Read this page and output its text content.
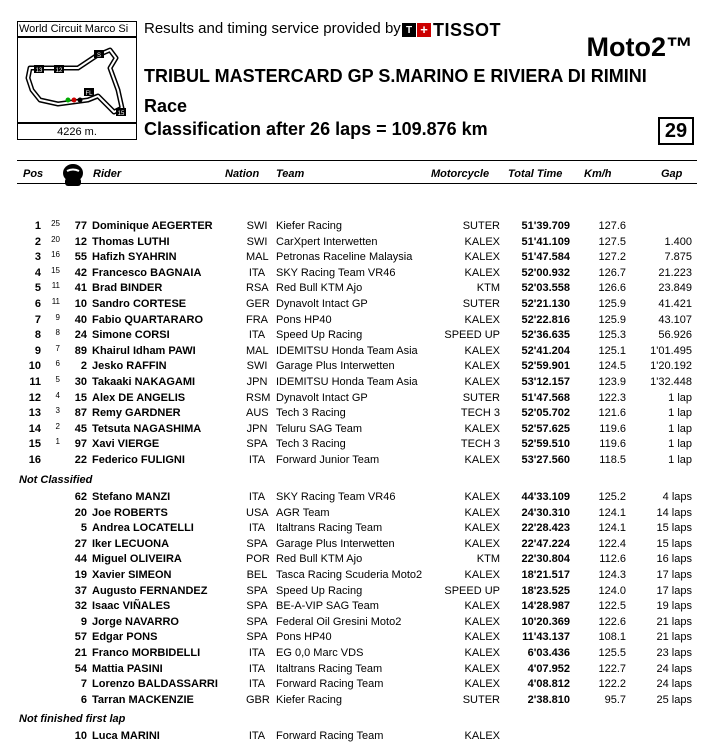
World Circuit Marco Si
S
13 12
FL
15
4226 m.
Results and timing service provided by T + TISSOT
Moto2™
TRIBUL MASTERCARD GP S.MARINO E RIVIERA DI RIMINI
Race
Classification after 26 laps = 109.876 km	29
Pos	Rider	Nation Team	Motorcycle Total Time Km/h	Gap
1	25	77 Dominique AEGERTER	SWI Kiefer Racing	SUTER	51'39.709	127.6
2	20	12 Thomas LUTHI	SWI CarXpert Interwetten	KALEX	51'41.109	127.5	1.400
3	16	55 Hafizh SYAHRIN	MAL Petronas Raceline Malaysia	KALEX	51'47.584	127.2	7.875
4	15	42 Francesco BAGNAIA	ITA SKY Racing Team VR46	KALEX	52'00.932	126.7	21.223
5	11	41 Brad BINDER	RSA Red Bull KTM Ajo	KTM	52'03.558	126.6	23.849
6	11	10 Sandro CORTESE	GER Dynavolt Intact GP	SUTER	52'21.130	125.9	41.421
7	9	40 Fabio QUARTARARO	FRA Pons HP40	KALEX	52'22.816	125.9	43.107
8	8	24 Simone CORSI	ITA Speed Up Racing	SPEED UP	52'36.635	125.3	56.926
9	7	89 Khairul Idham PAWI	MAL IDEMITSU Honda Team Asia	KALEX	52'41.204	125.1	1'01.495
10	6	2 Jesko RAFFIN	SWI Garage Plus Interwetten	KALEX	52'59.901	124.5	1'20.192
11	5	30 Takaaki NAKAGAMI	JPN IDEMITSU Honda Team Asia	KALEX	53'12.157	123.9	1'32.448
12	4	15 Alex DE ANGELIS	RSM Dynavolt Intact GP	SUTER	51'47.568	122.3	1 lap
13	3	87 Remy GARDNER	AUS Tech 3 Racing	TECH 3	52'05.702	121.6	1 lap
14	2	45 Tetsuta NAGASHIMA	JPN Teluru SAG Team	KALEX	52'57.625	119.6	1 lap
15	1	97 Xavi VIERGE	SPA Tech 3 Racing	TECH 3	52'59.510	119.6	1 lap
16	22 Federico FULIGNI	ITA Forward Junior Team	KALEX	53'27.560	118.5	1 lap
Not Classified
62 Stefano MANZI	ITA SKY Racing Team VR46	KALEX	44'33.109	125.2	4 laps
20 Joe ROBERTS	USA AGR Team	KALEX	24'30.310	124.1	14 laps
5 Andrea LOCATELLI	ITA Italtrans Racing Team	KALEX	22'28.423	124.1	15 laps
27 Iker LECUONA	SPA Garage Plus Interwetten	KALEX	22'47.224	122.4	15 laps
44 Miguel OLIVEIRA	POR Red Bull KTM Ajo	KTM	22'30.804	112.6	16 laps
19 Xavier SIMEON	BEL Tasca Racing Scuderia Moto2	KALEX	18'21.517	124.3	17 laps
37 Augusto FERNANDEZ	SPA Speed Up Racing	SPEED UP	18'23.525	124.0	17 laps
32 Isaac VIÑALES	SPA BE-A-VIP SAG Team	KALEX	14'28.987	122.5	19 laps
9 Jorge NAVARRO	SPA Federal Oil Gresini Moto2	KALEX	10'20.369	122.6	21 laps
57 Edgar PONS	SPA Pons HP40	KALEX	11'43.137	108.1	21 laps
21 Franco MORBIDELLI	ITA EG 0,0 Marc VDS	KALEX	6'03.436	125.5	23 laps
54 Mattia PASINI	ITA Italtrans Racing Team	KALEX	4'07.952	122.7	24 laps
7 Lorenzo BALDASSARRI	ITA Forward Racing Team	KALEX	4'08.812	122.2	24 laps
6 Tarran MACKENZIE	GBR Kiefer Racing	SUTER	2'38.810	95.7	25 laps
Not finished first lap
10 Luca MARINI	ITA Forward Racing Team	KALEX
